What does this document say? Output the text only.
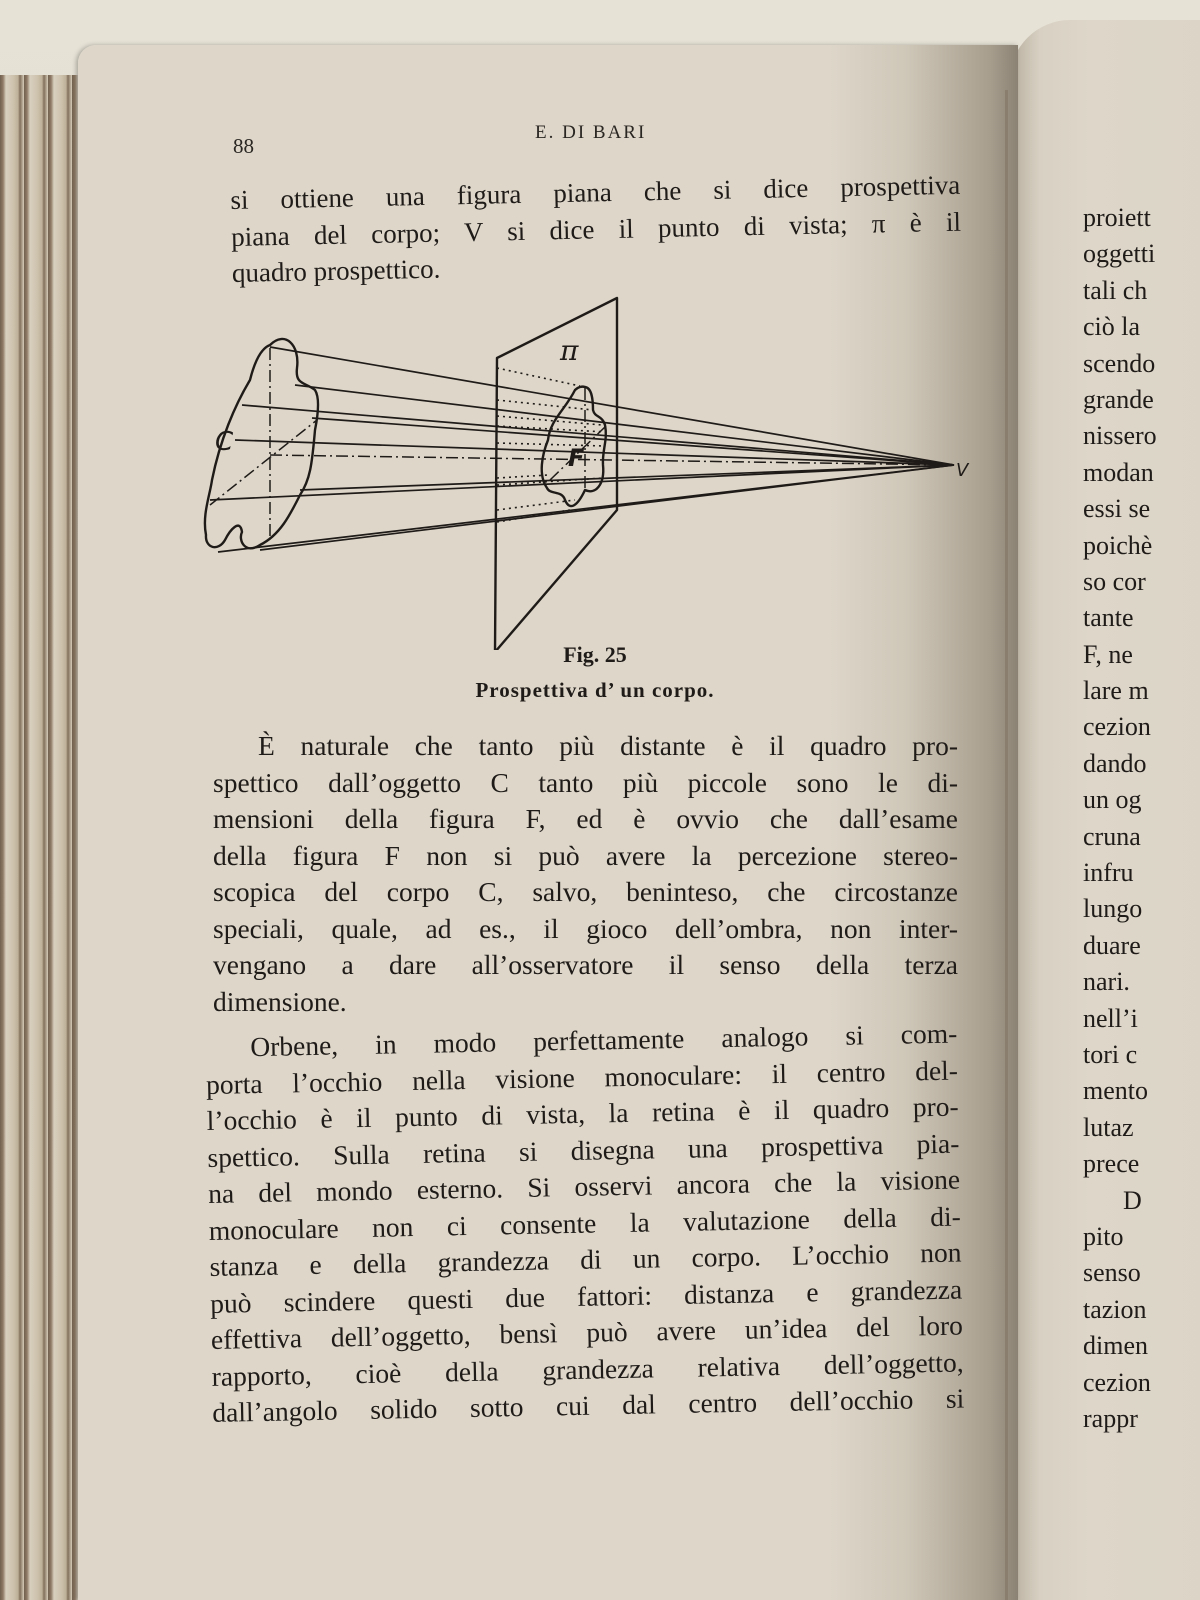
88
E. DI BARI

si ottiene una figura piana che si dice prospettiva

piana del corpo; V si dice il punto di vista; π è il

quadro prospettico.

C
π
F	V
Fig. 25
Prospettiva d’ un corpo.

È naturale che tanto più distante è il quadro pro-

spettico dall’oggetto C tanto più piccole sono le di-

mensioni della figura F, ed è ovvio che dall’esame

della figura F non si può avere la percezione stereo-

scopica del corpo C, salvo, beninteso, che circostanze

speciali, quale, ad es., il gioco dell’ombra, non inter-

vengano a dare all’osservatore il senso della terza

dimensione.

Orbene, in modo perfettamente analogo si com-

porta l’occhio nella visione monoculare: il centro del-

l’occhio è il punto di vista, la retina è il quadro pro-

spettico. Sulla retina si disegna una prospettiva pia-

na del mondo esterno. Si osservi ancora che la visione

monoculare non ci consente la valutazione della di-

stanza e della grandezza di un corpo. L’occhio non

può scindere questi due fattori: distanza e grandezza

effettiva dell’oggetto, bensì può avere un’idea del loro

rapporto, cioè della grandezza relativa dell’oggetto,

dall’angolo solido sotto cui dal centro dell’occhio si

proiett
oggetti
tali ch
ciò la
scendo
grande
nissero
modan
essi se
poichè
so cor
tante
F, ne
lare m
cezion
dando
un og
cruna
infru
lungo
duare
nari.
nell’i
tori c
mento
lutaz
prece
D
pito
senso
tazion
dimen
cezion
rappr
